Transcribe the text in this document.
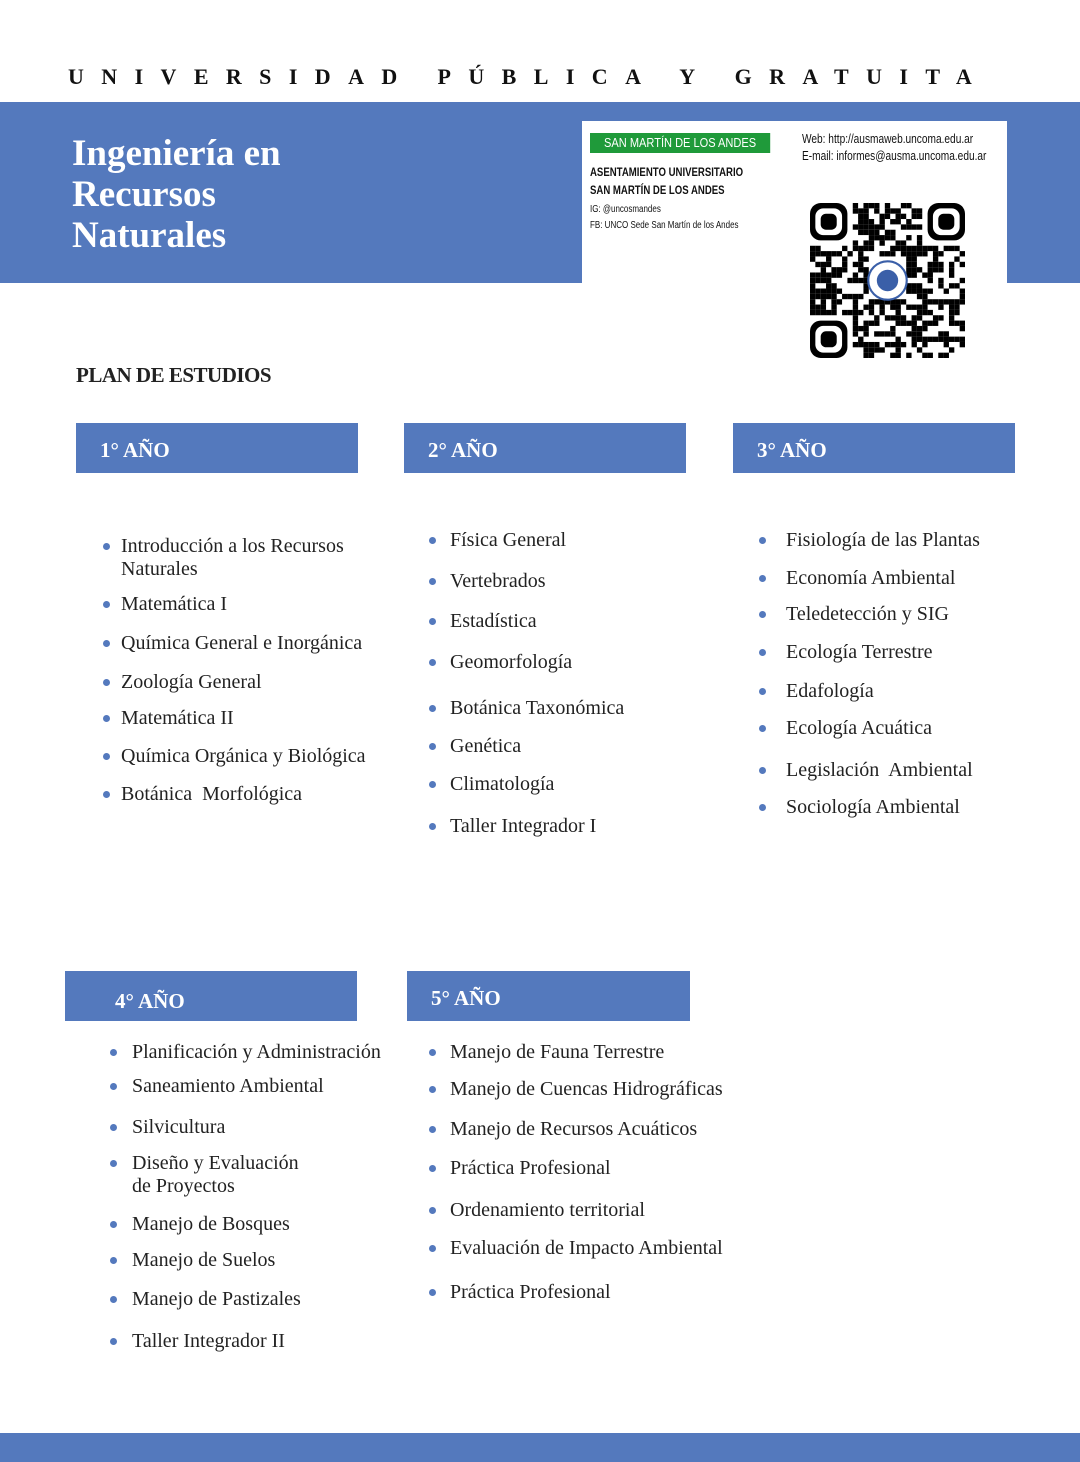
UNIVERSIDAD PÚBLICA Y GRATUITA
Ingeniería en
Recursos
Naturales
SAN MARTÍN DE LOS ANDES
ASENTAMIENTO UNIVERSITARIO
SAN MARTÍN DE LOS ANDES
IG: @uncosmandes
FB: UNCO Sede San Martín de los Andes
Web: http://ausmaweb.uncoma.edu.ar
E-mail: informes@ausma.uncoma.edu.ar
PLAN DE ESTUDIOS
1° AÑO
Introducción a los Recursos
Naturales
Matemática I
Química General e Inorgánica
Zoología General
Matemática II
Química Orgánica y Biológica
Botánica  Morfológica
2° AÑO
Física General
Vertebrados
Estadística
Geomorfología
Botánica Taxonómica
Genética
Climatología
Taller Integrador I
3° AÑO
Fisiología de las Plantas
Economía Ambiental
Teledetección y SIG
Ecología Terrestre
Edafología
Ecología Acuática
Legislación  Ambiental
Sociología Ambiental
4° AÑO
Planificación y Administración
Saneamiento Ambiental
Silvicultura
Diseño y Evaluación
de Proyectos
Manejo de Bosques
Manejo de Suelos
Manejo de Pastizales
Taller Integrador II
5° AÑO
Manejo de Fauna Terrestre
Manejo de Cuencas Hidrográficas
Manejo de Recursos Acuáticos
Práctica Profesional
Ordenamiento territorial
Evaluación de Impacto Ambiental
Práctica Profesional
